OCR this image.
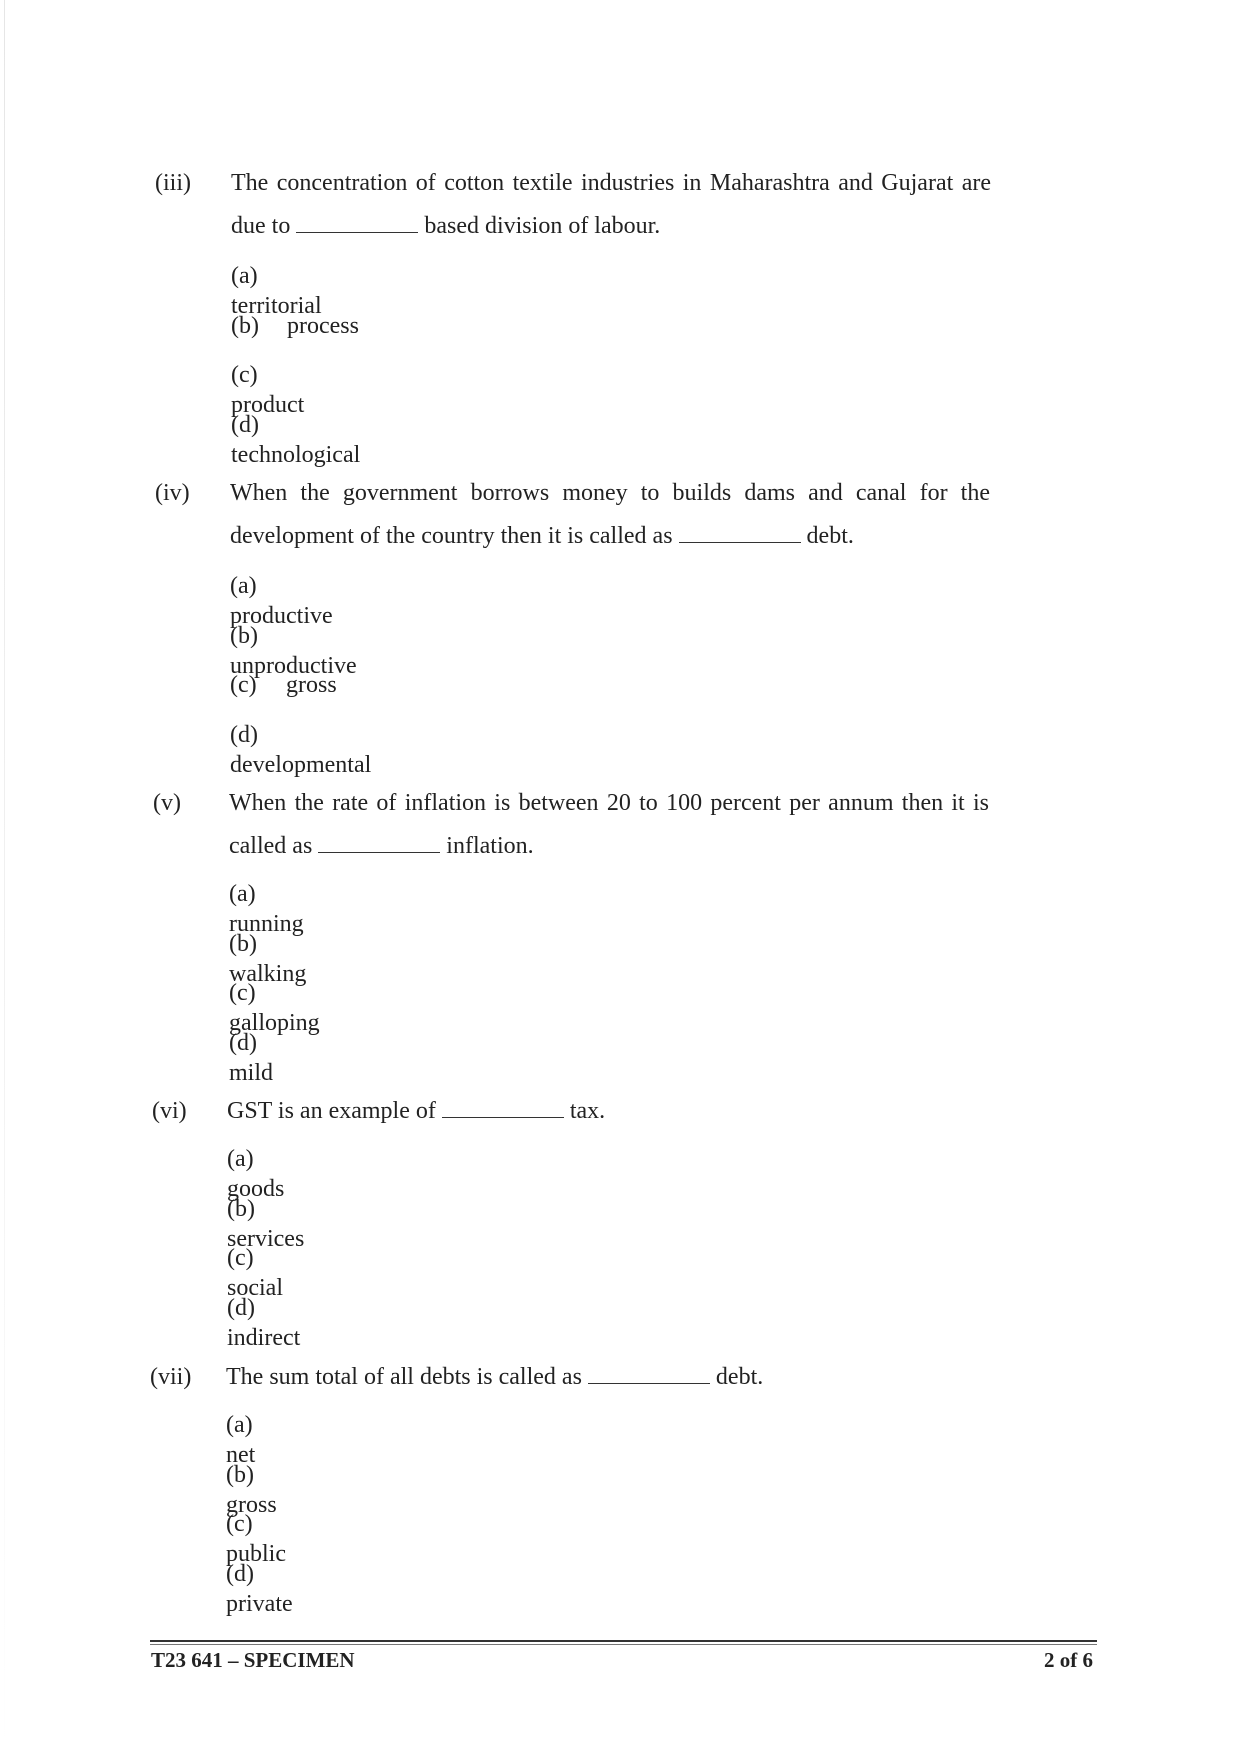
(iii) The concentration of cotton textile industries in Maharashtra and Gujarat are due to	based division of labour.
(a)territorial
(b) process
(c)product
(d)technological
(iv) When the government borrows money to builds dams and canal for the development of the country then it is called as	debt.
(a)productive
(b)unproductive
(c) gross
(d)developmental
(v) When the rate of inflation is between 20 to 100 percent per annum then it is called as	inflation.
(a)running
(b)walking
(c)galloping
(d)mild
(vi) GST is an example of	tax.
(a)goods
(b)services
(c)social
(d)indirect
(vii) The sum total of all debts is called as	debt.
(a)net
(b)gross
(c)public
(d)private
T23 641 – SPECIMEN	2 of 6
